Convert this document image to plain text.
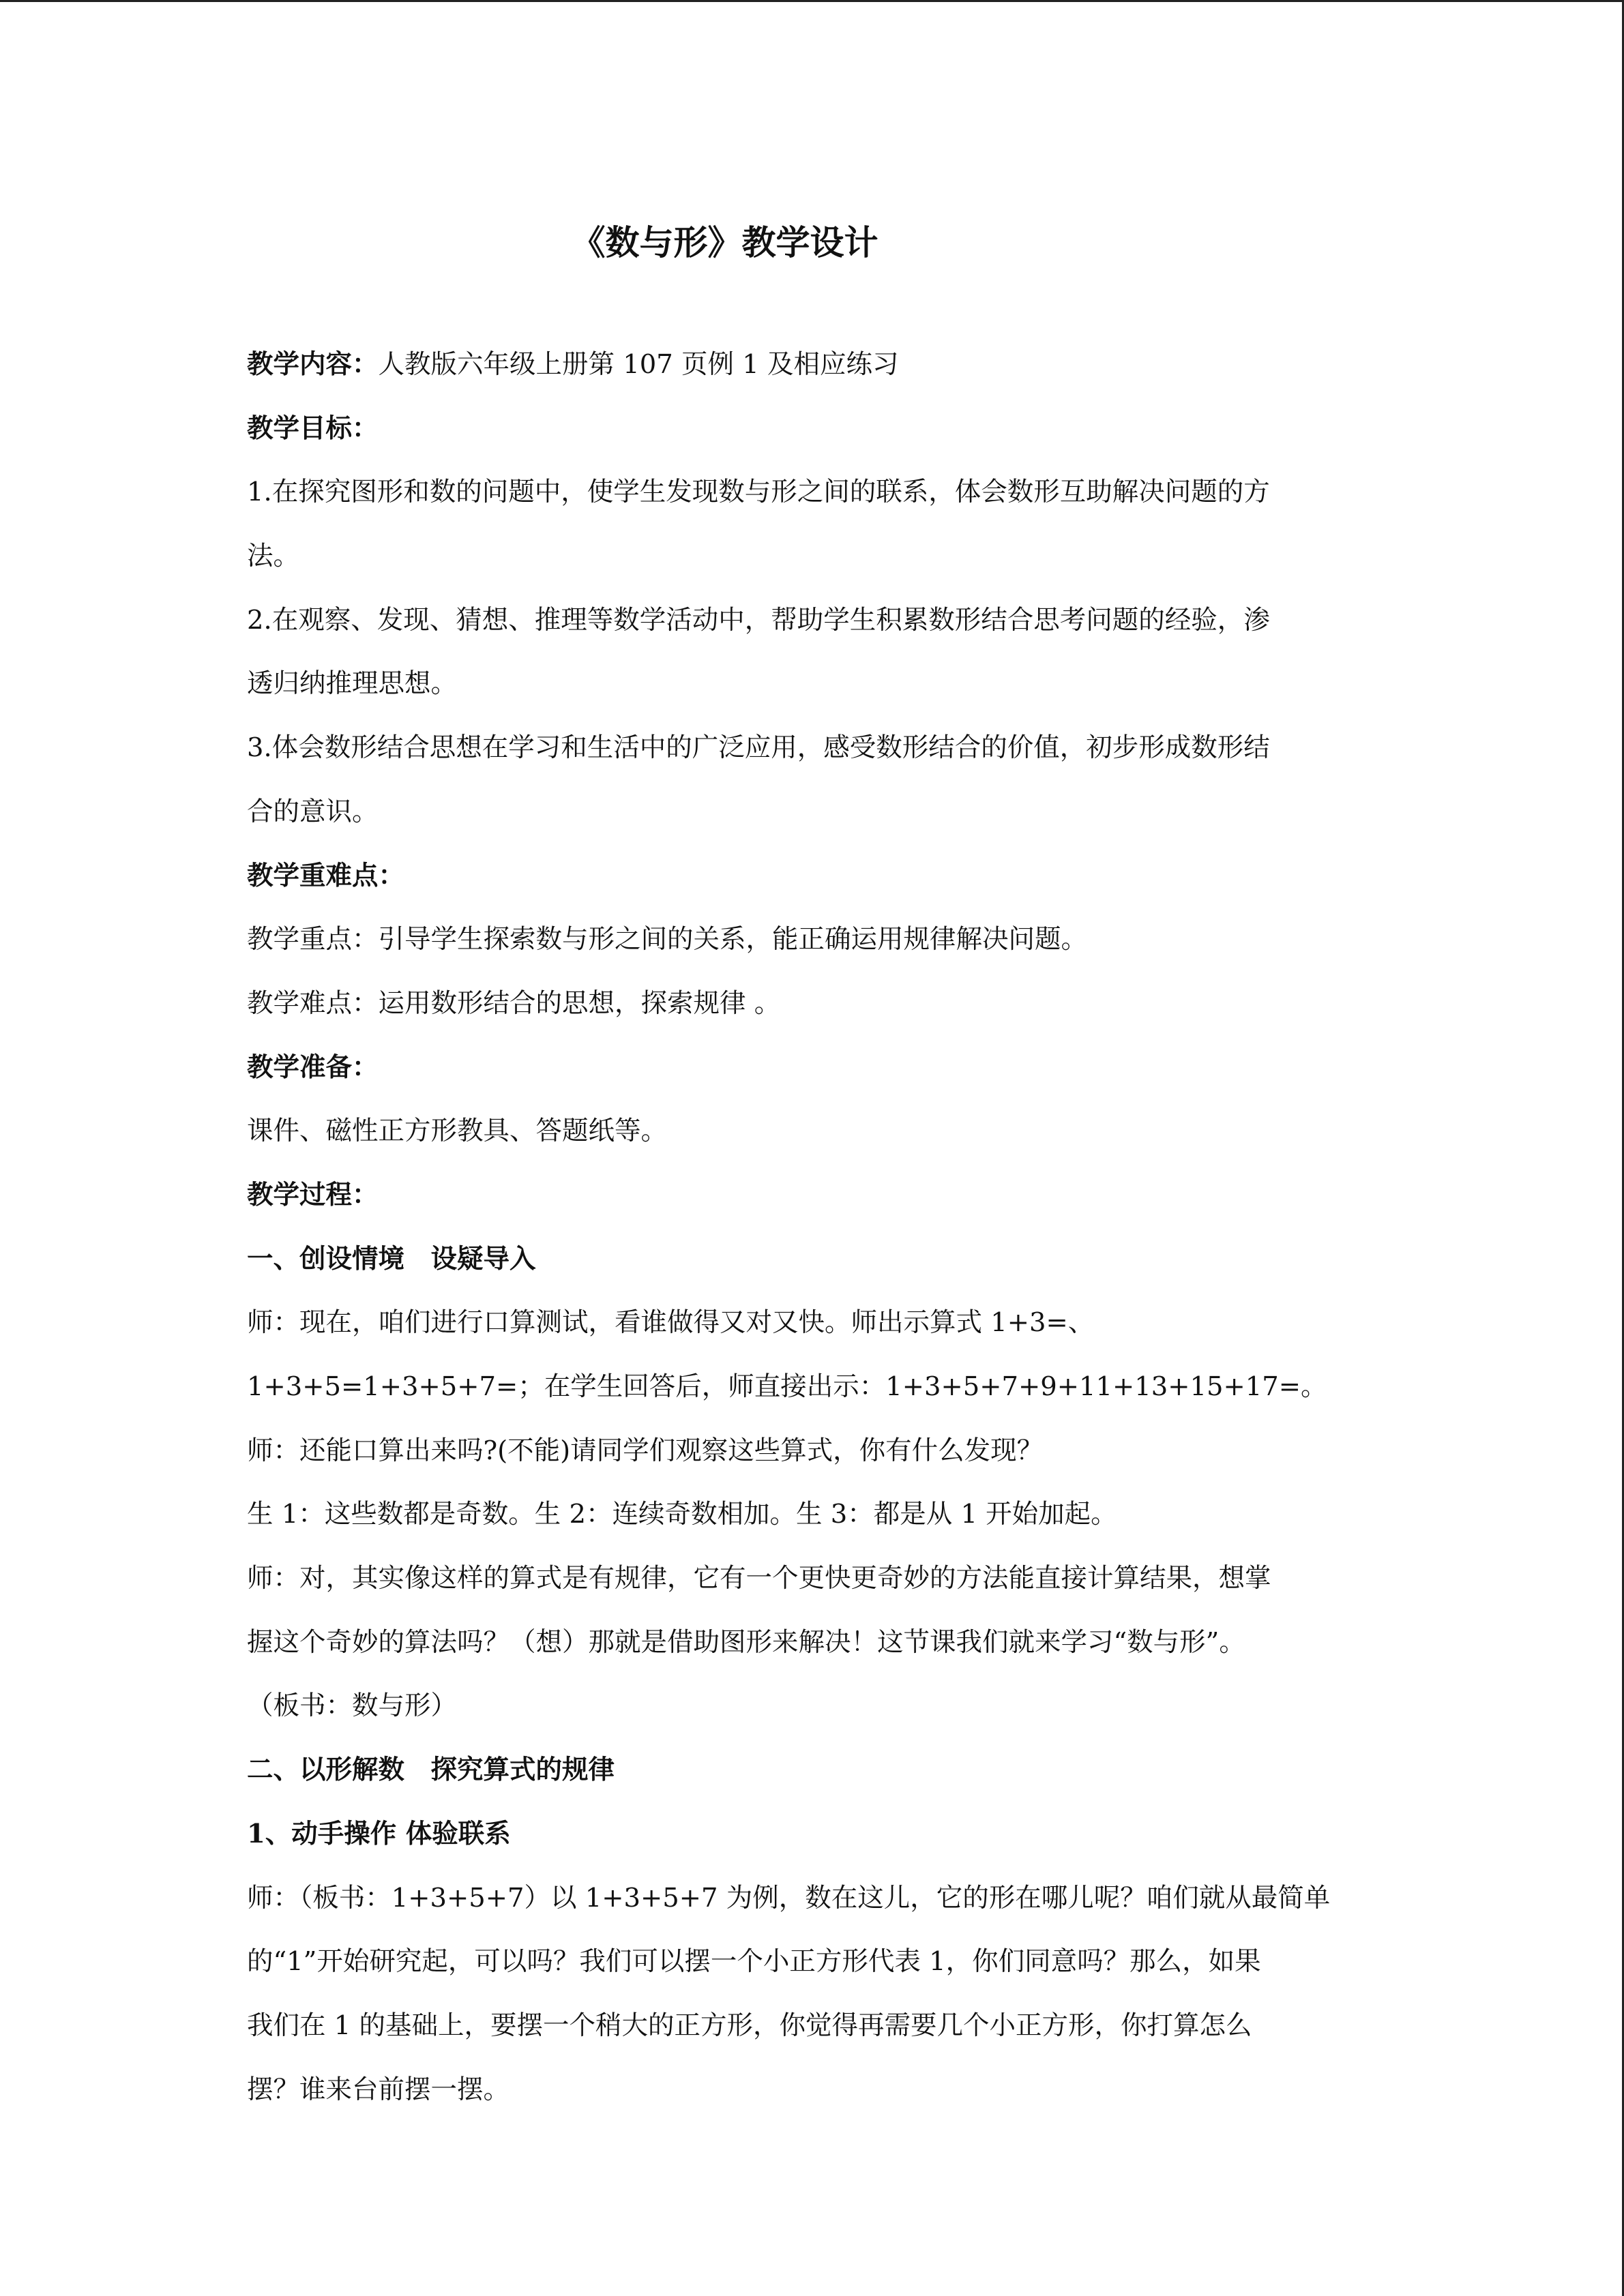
《数与形》教学设计
教学内容：人教版六年级上册第 107 页例 1 及相应练习
教学目标：
1.在探究图形和数的问题中，使学生发现数与形之间的联系，体会数形互助解决问题的方
法。
2.在观察、发现、猜想、推理等数学活动中，帮助学生积累数形结合思考问题的经验，渗
透归纳推理思想。
3.体会数形结合思想在学习和生活中的广泛应用，感受数形结合的价值，初步形成数形结
合的意识。
教学重难点：
教学重点：引导学生探索数与形之间的关系，能正确运用规律解决问题。
教学难点：运用数形结合的思想，探索规律 。
教学准备：
课件、磁性正方形教具、答题纸等。
教学过程：
一、创设情境　设疑导入
师：现在，咱们进行口算测试，看谁做得又对又快。师出示算式 1+3=、
1+3+5=1+3+5+7=；在学生回答后，师直接出示：1+3+5+7+9+11+13+15+17=。
师：还能口算出来吗?(不能)请同学们观察这些算式，你有什么发现？
生 1：这些数都是奇数。生 2：连续奇数相加。生 3：都是从 1 开始加起。
师：对，其实像这样的算式是有规律，它有一个更快更奇妙的方法能直接计算结果，想掌
握这个奇妙的算法吗？（想）那就是借助图形来解决！这节课我们就来学习“数与形”。
（板书：数与形）
二、以形解数　探究算式的规律
1、动手操作 体验联系
师：（板书：1+3+5+7）以 1+3+5+7 为例，数在这儿，它的形在哪儿呢？咱们就从最简单
的“1”开始研究起，可以吗？我们可以摆一个小正方形代表 1，你们同意吗？那么，如果
我们在 1 的基础上，要摆一个稍大的正方形，你觉得再需要几个小正方形，你打算怎么
摆？谁来台前摆一摆。
